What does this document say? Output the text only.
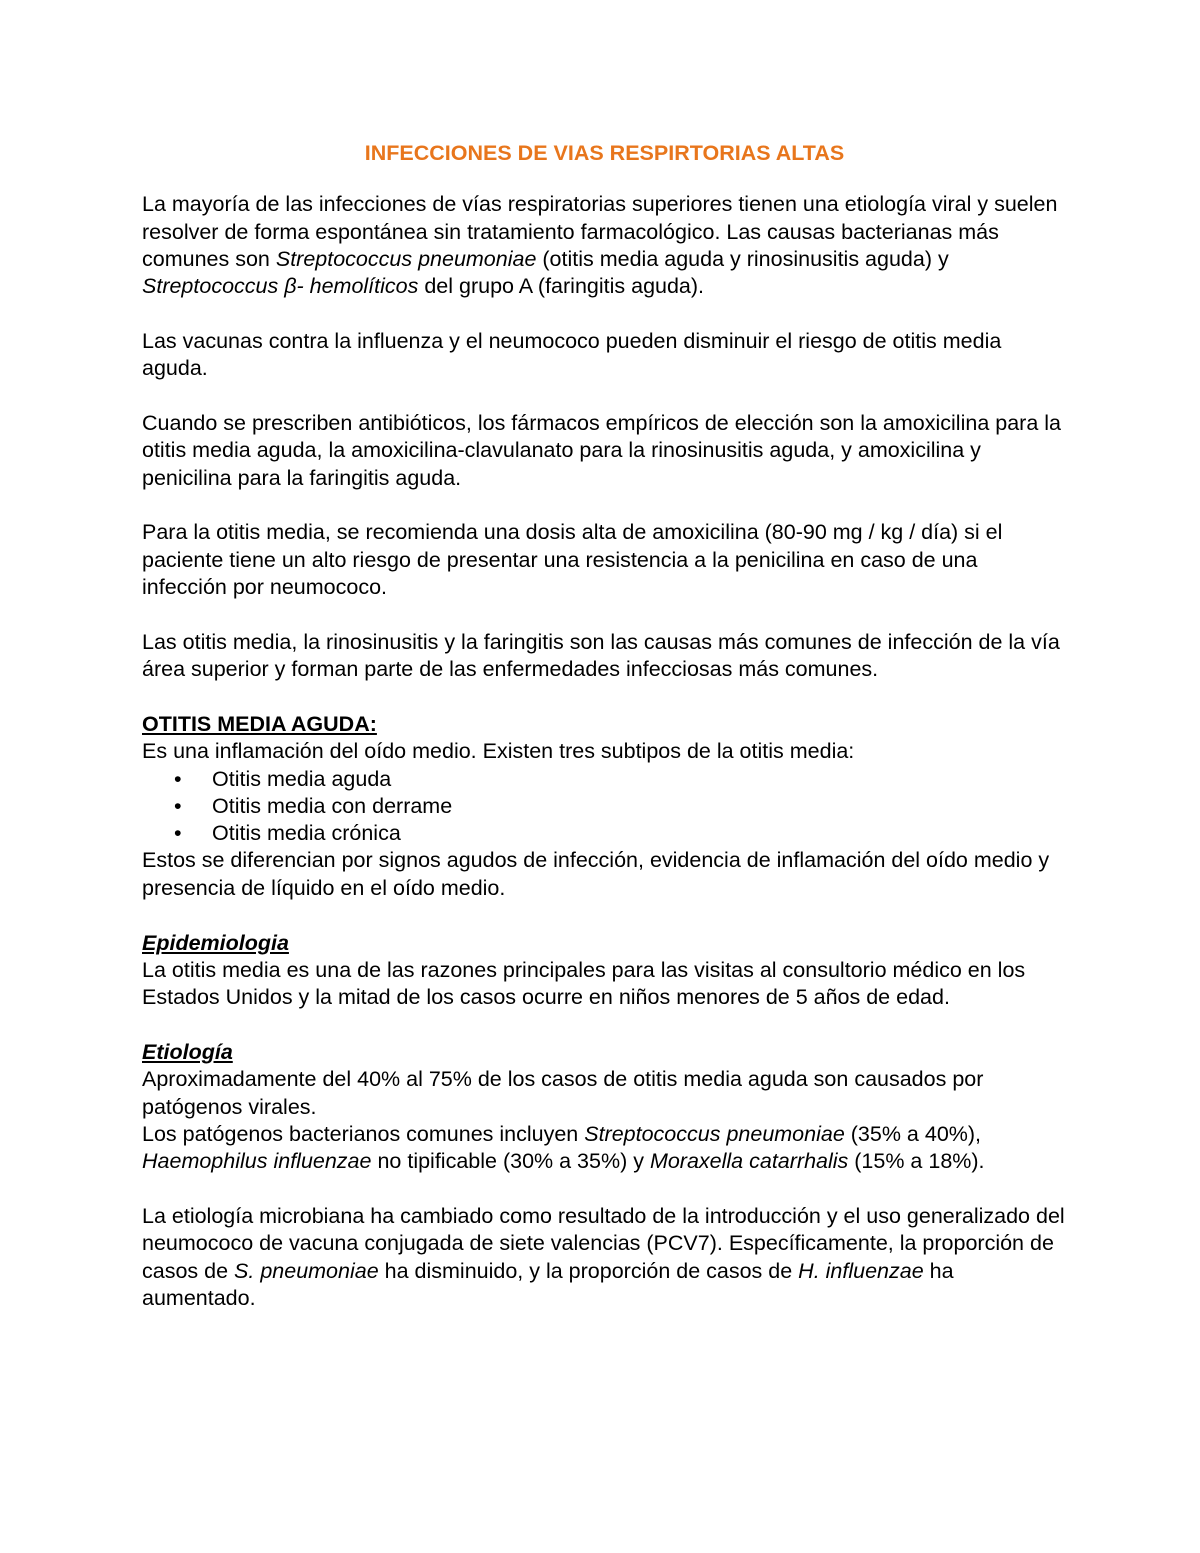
INFECCIONES DE VIAS RESPIRTORIAS ALTAS

La mayoría de las infecciones de vías respiratorias superiores tienen una etiología viral y suelen resolver de forma espontánea sin tratamiento farmacológico. Las causas bacterianas más comunes son Streptococcus pneumoniae (otitis media aguda y rinosinusitis aguda) y Streptococcus β- hemolíticos del grupo A (faringitis aguda).

Las vacunas contra la influenza y el neumococo pueden disminuir el riesgo de otitis media aguda.

Cuando se prescriben antibióticos, los fármacos empíricos de elección son la amoxicilina para la otitis media aguda, la amoxicilina-clavulanato para la rinosinusitis aguda, y amoxicilina y penicilina para la faringitis aguda.

Para la otitis media, se recomienda una dosis alta de amoxicilina (80-90 mg / kg / día) si el paciente tiene un alto riesgo de presentar una resistencia a la penicilina en caso de una infección por neumococo.

Las otitis media, la rinosinusitis y la faringitis son las causas más comunes de infección de la vía área superior y forman parte de las enfermedades infecciosas más comunes.

OTITIS MEDIA AGUDA:

Es una inflamación del oído medio. Existen tres subtipos de la otitis media:

• Otitis media aguda
• Otitis media con derrame
• Otitis media crónica

Estos se diferencian por signos agudos de infección, evidencia de inflamación del oído medio y presencia de líquido en el oído medio.

Epidemiologia

La otitis media es una de las razones principales para las visitas al consultorio médico en los Estados Unidos y la mitad de los casos ocurre en niños menores de 5 años de edad.

Etiología

Aproximadamente del 40% al 75% de los casos de otitis media aguda son causados por patógenos virales.

Los patógenos bacterianos comunes incluyen Streptococcus pneumoniae (35% a 40%), Haemophilus influenzae no tipificable (30% a 35%) y Moraxella catarrhalis (15% a 18%).

La etiología microbiana ha cambiado como resultado de la introducción y el uso generalizado del neumococo de vacuna conjugada de siete valencias (PCV7). Específicamente, la proporción de casos de S. pneumoniae ha disminuido, y la proporción de casos de H. influenzae ha aumentado.
